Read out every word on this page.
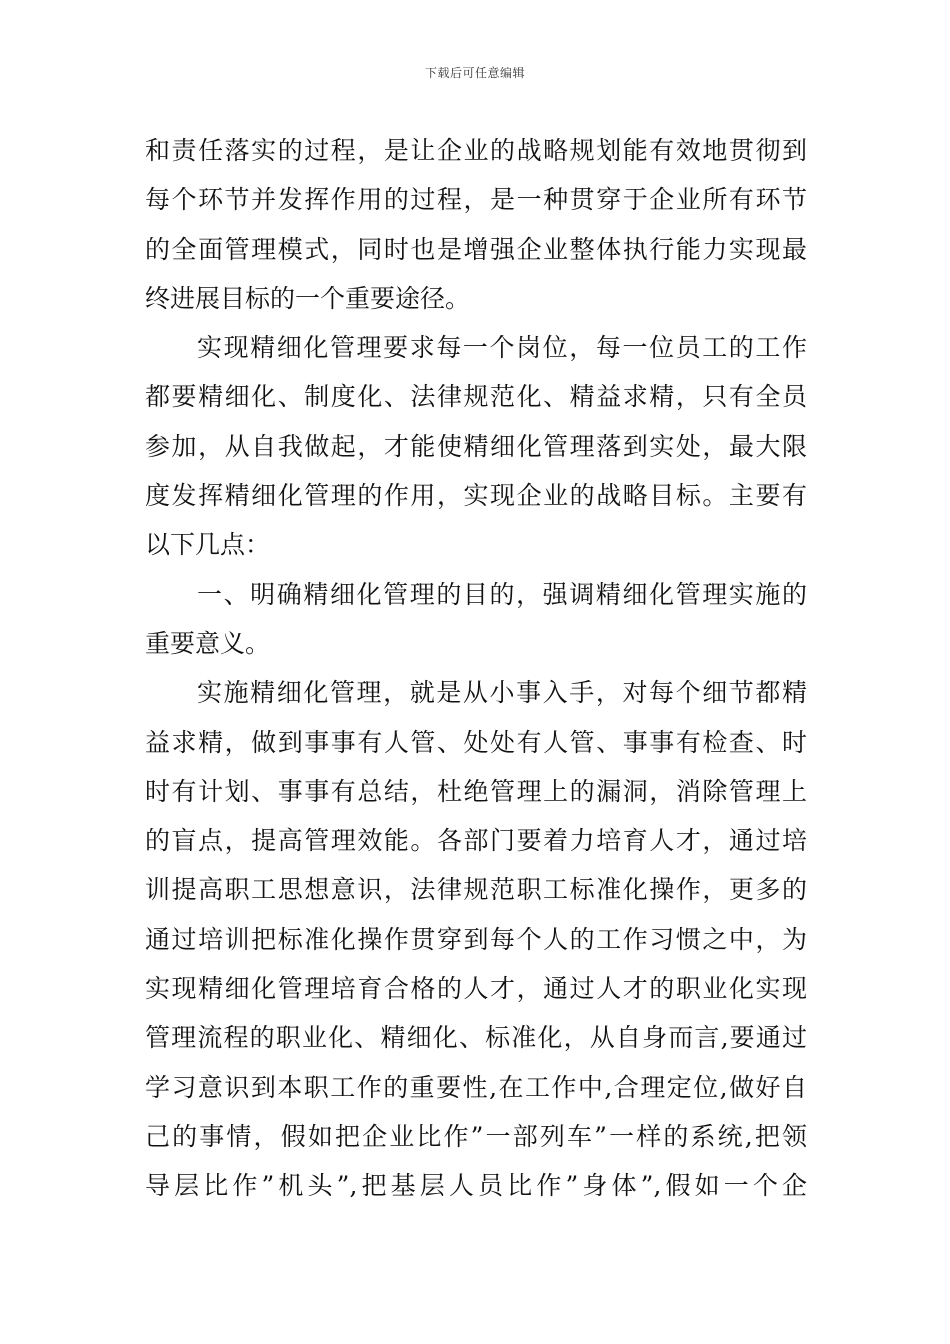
下载后可任意编辑
和责任落实的过程，是让企业的战略规划能有效地贯彻到
每个环节并发挥作用的过程，是一种贯穿于企业所有环节
的全面管理模式，同时也是增强企业整体执行能力实现最
终进展目标的一个重要途径。
实现精细化管理要求每一个岗位，每一位员工的工作
都要精细化、制度化、法律规范化、精益求精，只有全员
参加，从自我做起，才能使精细化管理落到实处，最大限
度发挥精细化管理的作用，实现企业的战略目标。主要有
以下几点：
一、明确精细化管理的目的，强调精细化管理实施的
重要意义。
实施精细化管理，就是从小事入手，对每个细节都精
益求精，做到事事有人管、处处有人管、事事有检查、时
时有计划、事事有总结，杜绝管理上的漏洞，消除管理上
的盲点，提高管理效能。各部门要着力培育人才，通过培
训提高职工思想意识，法律规范职工标准化操作，更多的
通过培训把标准化操作贯穿到每个人的工作习惯之中，为
实现精细化管理培育合格的人才，通过人才的职业化实现
管理流程的职业化、精细化、标准化，从自身而言,要通过
学习意识到本职工作的重要性,在工作中,合理定位,做好自
己的事情，假如把企业比作”一部列车”一样的系统,把领
导层比作”机头”,把基层人员比作”身体”,假如一个企
